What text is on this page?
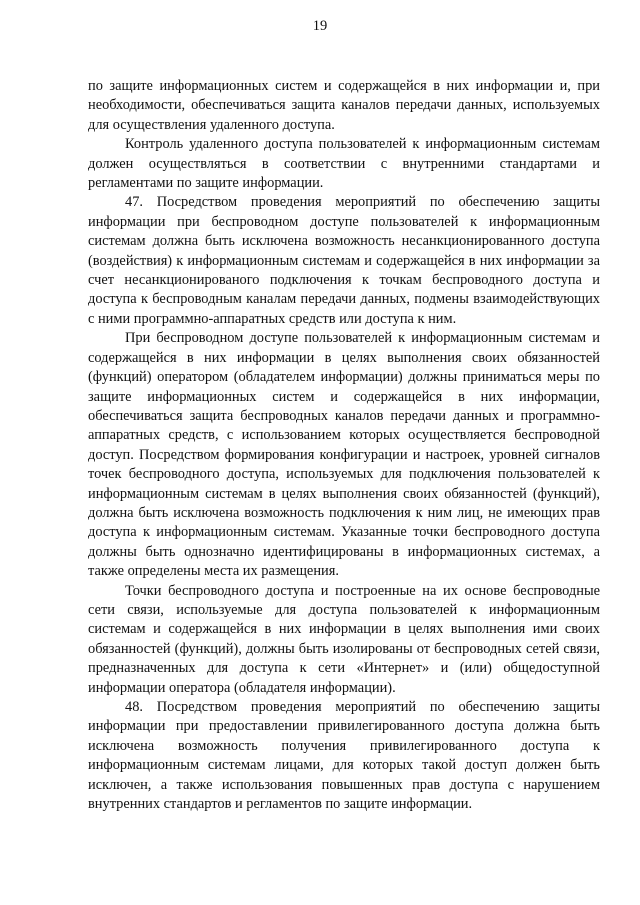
19

по защите информационных систем и содержащейся в них информации и, при необходимости, обеспечиваться защита каналов передачи данных, используемых для осуществления удаленного доступа.

Контроль удаленного доступа пользователей к информационным системам должен осуществляться в соответствии с внутренними стандартами и регламентами по защите информации.

47. Посредством проведения мероприятий по обеспечению защиты информации при беспроводном доступе пользователей к информационным системам должна быть исключена возможность несанкционированного доступа (воздействия) к информационным системам и содержащейся в них информации за счет несанкционированого подключения к точкам беспроводного доступа и доступа к беспроводным каналам передачи данных, подмены взаимодействующих с ними программно-аппаратных средств или доступа к ним.

При беспроводном доступе пользователей к информационным системам и содержащейся в них информации в целях выполнения своих обязанностей (функций) оператором (обладателем информации) должны приниматься меры по защите информационных систем и содержащейся в них информации, обеспечиваться защита беспроводных каналов передачи данных и программно-аппаратных средств, с использованием которых осуществляется беспроводной доступ. Посредством формирования конфигурации и настроек, уровней сигналов точек беспроводного доступа, используемых для подключения пользователей к информационным системам в целях выполнения своих обязанностей (функций), должна быть исключена возможность подключения к ним лиц, не имеющих прав доступа к информационным системам. Указанные точки беспроводного доступа должны быть однозначно идентифицированы в информационных системах, а также определены места их размещения.

Точки беспроводного доступа и построенные на их основе беспроводные сети связи, используемые для доступа пользователей к информационным системам и содержащейся в них информации в целях выполнения ими своих обязанностей (функций), должны быть изолированы от беспроводных сетей связи, предназначенных для доступа к сети «Интернет» и (или) общедоступной информации оператора (обладателя информации).

48. Посредством проведения мероприятий по обеспечению защиты информации при предоставлении привилегированного доступа должна быть исключена возможность получения привилегированного доступа к информационным системам лицами, для которых такой доступ должен быть исключен, а также использования повышенных прав доступа с нарушением внутренних стандартов и регламентов по защите информации.
